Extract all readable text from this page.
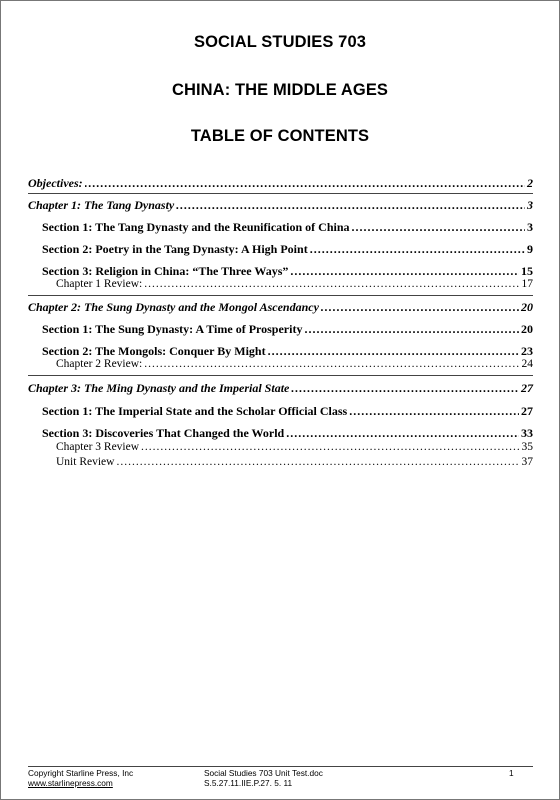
SOCIAL STUDIES 703
CHINA: THE MIDDLE AGES
TABLE OF CONTENTS
Objectives: .....	2
Chapter 1: The Tang Dynasty .....	3
Section 1: The Tang Dynasty and the Reunification of China .....	3
Section 2: Poetry in the Tang Dynasty: A High Point .....	9
Section 3: Religion in China: “The Three Ways” .....	15
Chapter 1 Review: .....	17
Chapter 2: The Sung Dynasty and the Mongol Ascendancy .....	20
Section 1: The Sung Dynasty: A Time of Prosperity .....	20
Section 2: The Mongols: Conquer By Might .....	23
Chapter 2 Review: .....	24
Chapter 3: The Ming Dynasty and the Imperial State .....	27
Section 1: The Imperial State and the Scholar Official Class .....	27
Section 3: Discoveries That Changed the World .....	33
Chapter 3 Review .....	35
Unit Review .....	37
Copyright Starline Press, Inc
www.starlinepress.com
Social Studies 703 Unit Test.doc
S.5.27.11.IIE.P.27. 5. 11
1
